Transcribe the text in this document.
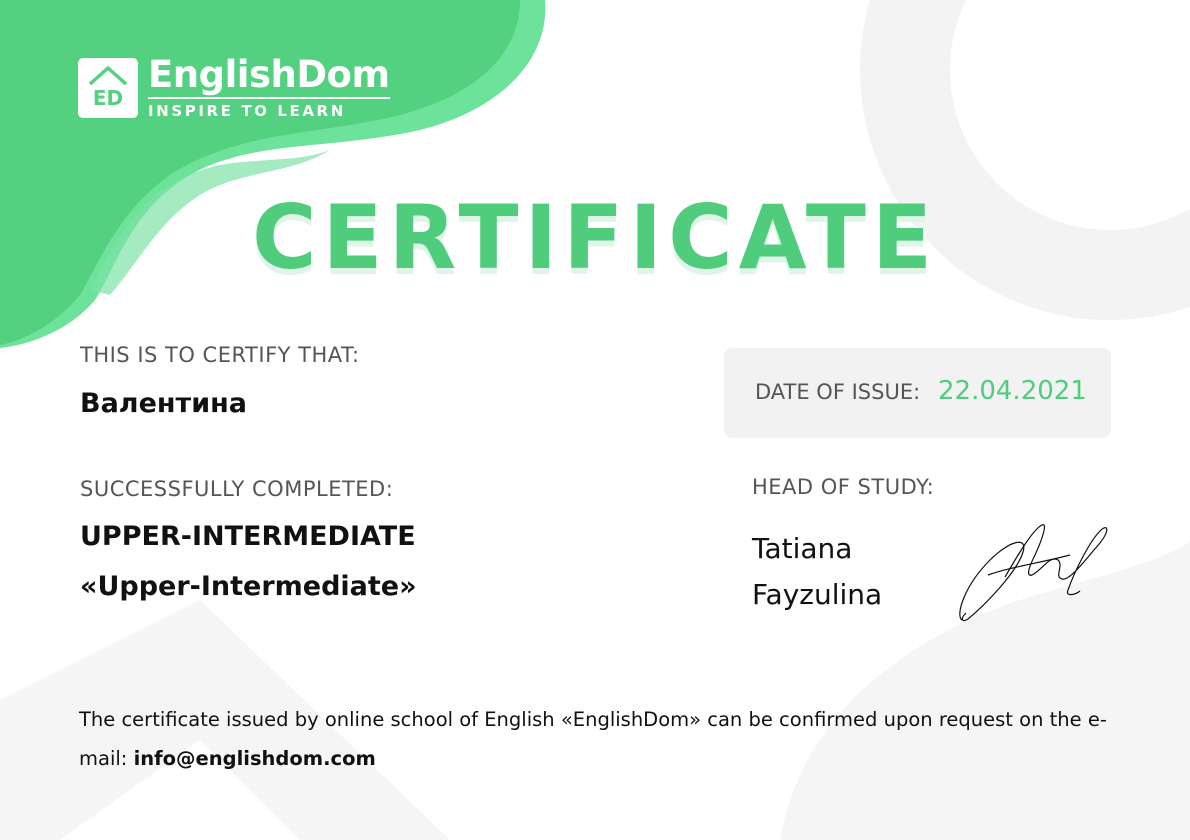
ED
EnglishDom
INSPIRE TO LEARN
CERTIFICATE
THIS IS TO CERTIFY THAT:
Валентина
SUCCESSFULLY COMPLETED:
UPPER-INTERMEDIATE
«Upper-Intermediate»
DATE OF ISSUE: 22.04.2021
HEAD OF STUDY:
Tatiana
Fayzulina
The certificate issued by online school of English «EnglishDom» can be confirmed upon request on the e-mail: info@englishdom.com
